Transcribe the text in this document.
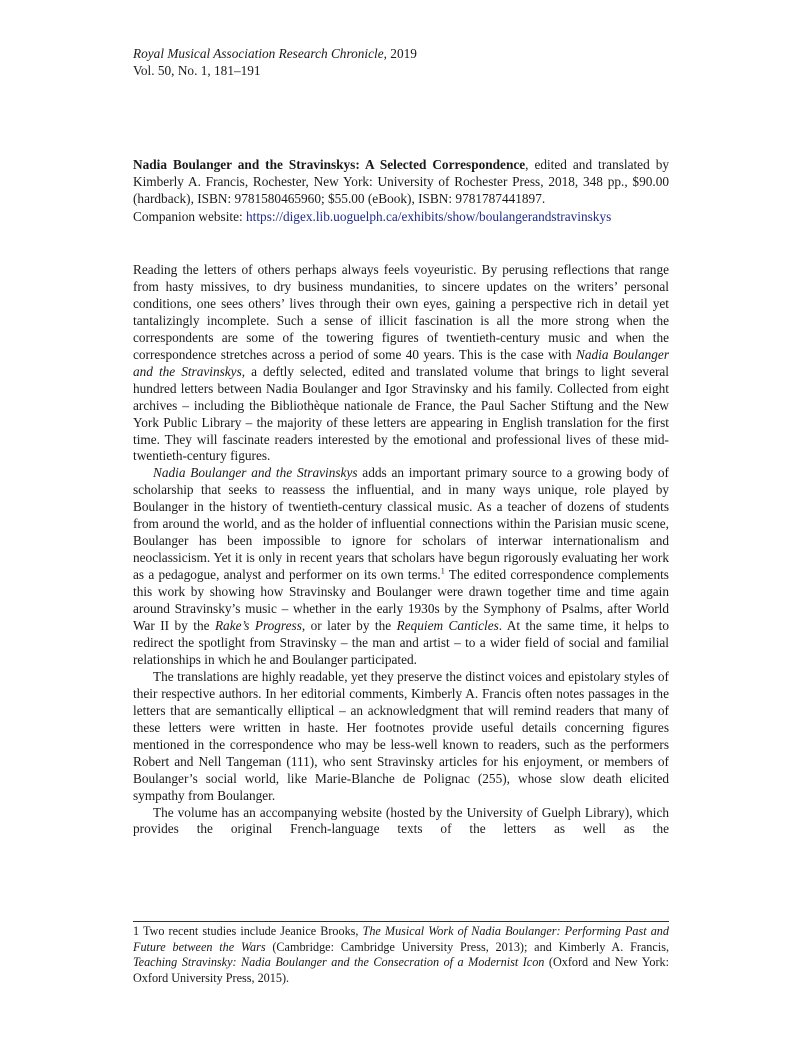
Royal Musical Association Research Chronicle, 2019
Vol. 50, No. 1, 181–191
Nadia Boulanger and the Stravinskys: A Selected Correspondence, edited and translated by Kimberly A. Francis, Rochester, New York: University of Rochester Press, 2018, 348 pp., $90.00 (hardback), ISBN: 9781580465960; $55.00 (eBook), ISBN: 9781787441897.
Companion website: https://digex.lib.uoguelph.ca/exhibits/show/boulangerandstravinskys

Reading the letters of others perhaps always feels voyeuristic. By perusing reflections that range from hasty missives, to dry business mundanities, to sincere updates on the writers’ personal conditions, one sees others’ lives through their own eyes, gaining a perspective rich in detail yet tantalizingly incomplete. Such a sense of illicit fascination is all the more strong when the correspondents are some of the towering figures of twentieth-century music and when the correspondence stretches across a period of some 40 years. This is the case with Nadia Boulanger and the Stravinskys, a deftly selected, edited and translated volume that brings to light several hundred letters between Nadia Boulanger and Igor Stravinsky and his family. Collected from eight archives – including the Bibliothèque nationale de France, the Paul Sacher Stiftung and the New York Public Library – the majority of these letters are appearing in English translation for the first time. They will fascinate readers interested by the emotional and professional lives of these mid-twentieth-century figures.

Nadia Boulanger and the Stravinskys adds an important primary source to a growing body of scholarship that seeks to reassess the influential, and in many ways unique, role played by Boulanger in the history of twentieth-century classical music. As a teacher of dozens of students from around the world, and as the holder of influential connections within the Parisian music scene, Boulanger has been impossible to ignore for scholars of interwar internationalism and neoclassicism. Yet it is only in recent years that scholars have begun rigorously evaluating her work as a pedagogue, analyst and performer on its own terms.$^1$ The edited correspondence complements this work by showing how Stravinsky and Boulanger were drawn together time and time again around Stravinsky’s music – whether in the early 1930s by the Symphony of Psalms, after World War II by the Rake’s Progress, or later by the Requiem Canticles. At the same time, it helps to redirect the spotlight from Stravinsky – the man and artist – to a wider field of social and familial relationships in which he and Boulanger participated.

The translations are highly readable, yet they preserve the distinct voices and epistolary styles of their respective authors. In her editorial comments, Kimberly A. Francis often notes passages in the letters that are semantically elliptical – an acknowledgment that will remind readers that many of these letters were written in haste. Her footnotes provide useful details concerning figures mentioned in the correspondence who may be less-well known to readers, such as the performers Robert and Nell Tangeman (111), who sent Stravinsky articles for his enjoyment, or members of Boulanger’s social world, like Marie-Blanche de Polignac (255), whose slow death elicited sympathy from Boulanger.

The volume has an accompanying website (hosted by the University of Guelph Library), which provides the original French-language texts of the letters as well as the

1 Two recent studies include Jeanice Brooks, The Musical Work of Nadia Boulanger: Performing Past and Future between the Wars (Cambridge: Cambridge University Press, 2013); and Kimberly A. Francis, Teaching Stravinsky: Nadia Boulanger and the Consecration of a Modernist Icon (Oxford and New York: Oxford University Press, 2015).
